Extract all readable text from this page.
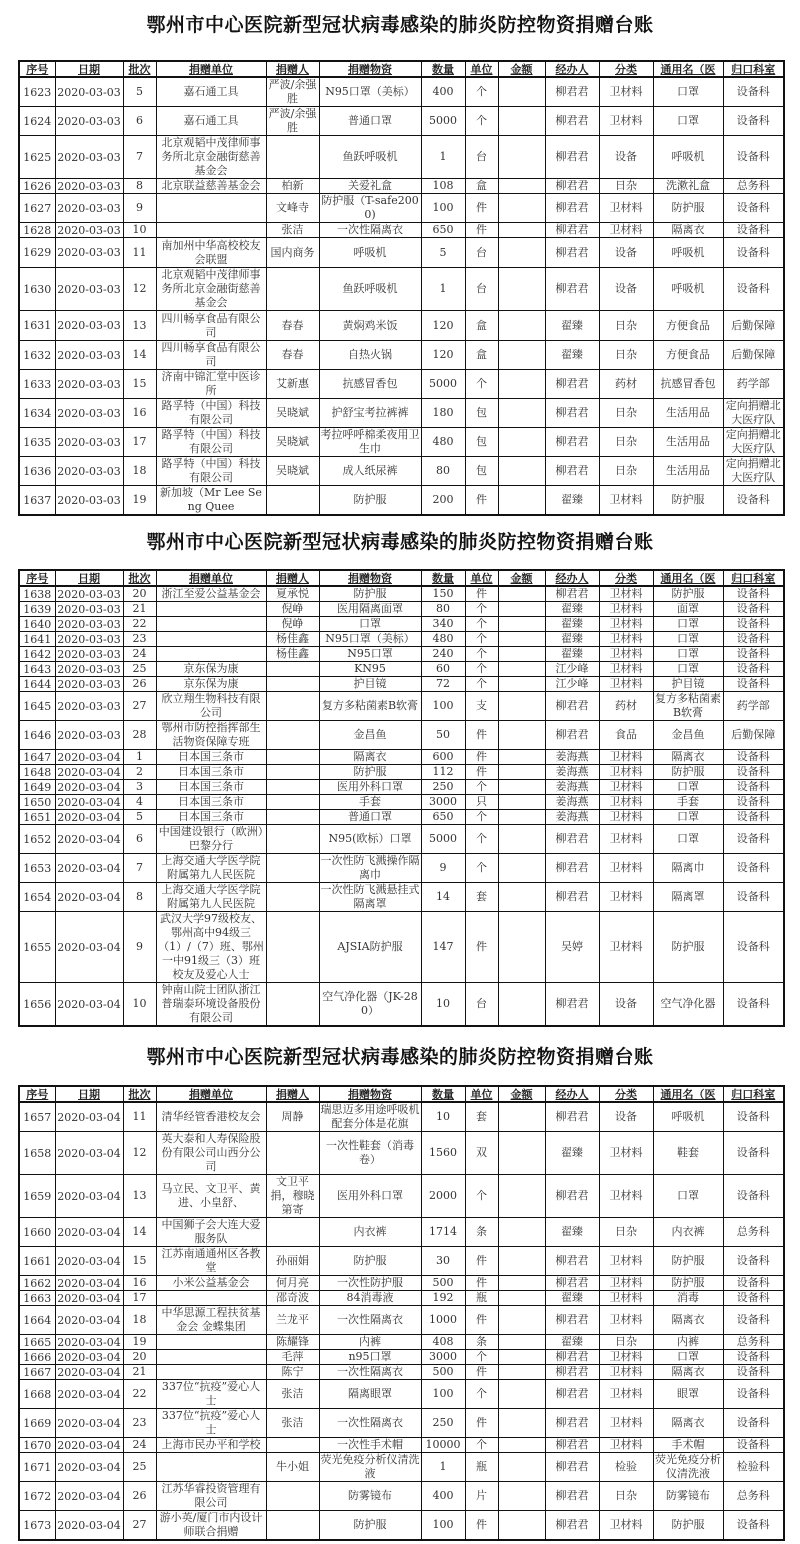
鄂州市中心医院新型冠状病毒感染的肺炎防控物资捐赠台账
序号	日期	批次	捐赠单位	捐赠人	捐赠物资	数量	单位	金额	经办人	分类	通用名（医	归口科室
1623	2020-03-03	5	嘉石通工具	严波/余强胜	N95口罩（美标）	400	个		柳君君	卫材料	口罩	设备科
1624	2020-03-03	6	嘉石通工具	严波/余强胜	普通口罩	5000	个		柳君君	卫材料	口罩	设备科
1625	2020-03-03	7	北京观韬中茂律师事务所北京金融街慈善基金会		鱼跃呼吸机	1	台		柳君君	设备	呼吸机	设备科
1626	2020-03-03	8	北京联益慈善基金会	柏新	关爱礼盒	108	盒		柳君君	日杂	洗漱礼盒	总务科
1627	2020-03-03	9		文峰寺	防护服（T-safe2000)	100	件		柳君君	卫材料	防护服	设备科
1628	2020-03-03	10		张洁	一次性隔离衣	650	件		柳君君	卫材料	隔离衣	设备科
1629	2020-03-03	11	南加州中华高校校友会联盟	国内商务	呼吸机	5	台		柳君君	设备	呼吸机	设备科
1630	2020-03-03	12	北京观韬中茂律师事务所北京金融街慈善基金会		鱼跃呼吸机	1	台		柳君君	设备	呼吸机	设备科
1631	2020-03-03	13	四川畅享食品有限公司	春春	黄焖鸡米饭	120	盒		翟臻	日杂	方便食品	后勤保障
1632	2020-03-03	14	四川畅享食品有限公司	春春	自热火锅	120	盒		翟臻	日杂	方便食品	后勤保障
1633	2020-03-03	15	济南中锦汇堂中医诊所	艾新惠	抗感冒香包	5000	个		柳君君	药材	抗感冒香包	药学部
1634	2020-03-03	16	路孚特（中国）科技有限公司	吴晓斌	护舒宝考拉裤裤	180	包		柳君君	日杂	生活用品	定向捐赠北大医疗队
1635	2020-03-03	17	路孚特（中国）科技有限公司	吴晓斌	考拉呼呼棉柔夜用卫生巾	480	包		柳君君	日杂	生活用品	定向捐赠北大医疗队
1636	2020-03-03	18	路孚特（中国）科技有限公司	吴晓斌	成人纸尿裤	80	包		柳君君	日杂	生活用品	定向捐赠北大医疗队
1637	2020-03-03	19	新加坡（Mr Lee Seng Quee		防护服	200	件		翟臻	卫材料	防护服	设备科
鄂州市中心医院新型冠状病毒感染的肺炎防控物资捐赠台账
序号	日期	批次	捐赠单位	捐赠人	捐赠物资	数量	单位	金额	经办人	分类	通用名（医	归口科室
1638	2020-03-03	20	浙江至爱公益基金会	夏承悦	防护服	150	件		柳君君	卫材料	防护服	设备科
1639	2020-03-03	21		倪峥	医用隔离面罩	80	个		翟臻	卫材料	面罩	设备科
1640	2020-03-03	22		倪峥	口罩	340	个		翟臻	卫材料	口罩	设备科
1641	2020-03-03	23		杨佳鑫	N95口罩（美标）	480	个		翟臻	卫材料	口罩	设备科
1642	2020-03-03	24		杨佳鑫	N95口罩	240	个		翟臻	卫材料	口罩	设备科
1643	2020-03-03	25	京东保为康		KN95	60	个		江少峰	卫材料	口罩	设备科
1644	2020-03-03	26	京东保为康		护目镜	72	个		江少峰	卫材料	护目镜	设备科
1645	2020-03-03	27	欣立翔生物科技有限公司		复方多粘菌素B软膏	100	支		柳君君	药材	复方多粘菌素B软膏	药学部
1646	2020-03-03	28	鄂州市防控指挥部生活物资保障专班		金昌鱼	50	件		柳君君	食品	金昌鱼	后勤保障
1647	2020-03-04	1	日本国三条市		隔离衣	600	件		姜海燕	卫材料	隔离衣	设备科
1648	2020-03-04	2	日本国三条市		防护服	112	件		姜海燕	卫材料	防护服	设备科
1649	2020-03-04	3	日本国三条市		医用外科口罩	250	个		姜海燕	卫材料	口罩	设备科
1650	2020-03-04	4	日本国三条市		手套	3000	只		姜海燕	卫材料	手套	设备科
1651	2020-03-04	5	日本国三条市		普通口罩	650	个		姜海燕	卫材料	口罩	设备科
1652	2020-03-04	6	中国建设银行（欧洲）巴黎分行		N95(欧标）口罩	5000	个		柳君君	卫材料	口罩	设备科
1653	2020-03-04	7	上海交通大学医学院附属第九人民医院		一次性防飞溅操作隔离巾	9	个		柳君君	卫材料	隔离巾	设备科
1654	2020-03-04	8	上海交通大学医学院附属第九人民医院		一次性防飞溅悬挂式隔离罩	14	套		柳君君	卫材料	隔离罩	设备科
1655	2020-03-04	9	武汉大学97级校友、鄂州高中94级三（1）/（7）班、鄂州一中91级三（3）班校友及爱心人士		AJSIA防护服	147	件		吴婷	卫材料	防护服	设备科
1656	2020-03-04	10	钟南山院士团队浙江普瑞泰环境设备股份有限公司		空气净化器（JK-280）	10	台		柳君君	设备	空气净化器	设备科
鄂州市中心医院新型冠状病毒感染的肺炎防控物资捐赠台账
序号	日期	批次	捐赠单位	捐赠人	捐赠物资	数量	单位	金额	经办人	分类	通用名（医	归口科室
1657	2020-03-04	11	清华经管香港校友会	周静	瑞思迈多用途呼吸机配套分体是花旗	10	套		柳君君	设备	呼吸机	设备科
1658	2020-03-04	12	英大泰和人寿保险股份有限公司山西分公司		一次性鞋套（消毒卷）	1560	双		翟臻	卫材料	鞋套	设备科
1659	2020-03-04	13	马立民、文卫平、黄进、小皇舒、	文卫平捐，穆晓第寄	医用外科口罩	2000	个		柳君君	卫材料	口罩	设备科
1660	2020-03-04	14	中国狮子会大连大爱服务队		内衣裤	1714	条		翟臻	日杂	内衣裤	总务科
1661	2020-03-04	15	江苏南通通州区各教堂	孙丽娟	防护服	30	件		柳君君	卫材料	防护服	设备科
1662	2020-03-04	16	小米公益基金会	何月亮	一次性防护服	500	件		柳君君	卫材料	防护服	设备科
1663	2020-03-04	17		邵奇波	84消毒液	192	瓶		翟臻	卫材料	消毒	设备科
1664	2020-03-04	18	中华思源工程扶贫基金会 金蝶集团	兰龙平	一次性隔离衣	1000	件		柳君君	卫材料	隔离衣	设备科
1665	2020-03-04	19		陈耀锋	内裤	408	条		翟臻	日杂	内裤	总务科
1666	2020-03-04	20		毛萍	n95口罩	3000	个		柳君君	卫材料	口罩	设备科
1667	2020-03-04	21		陈宁	一次性隔离衣	500	件		柳君君	卫材料	隔离衣	设备科
1668	2020-03-04	22	337位“抗疫”爱心人士	张洁	隔离眼罩	100	个		柳君君	卫材料	眼罩	设备科
1669	2020-03-04	23	337位“抗疫”爱心人士	张洁	一次性隔离衣	250	件		柳君君	卫材料	隔离衣	设备科
1670	2020-03-04	24	上海市民办平和学校		一次性手术帽	10000	个		柳君君	卫材料	手术帽	设备科
1671	2020-03-04	25		牛小姐	荧光免疫分析仪清洗液	1	瓶		柳君君	检验	荧光免疫分析仪清洗液	检验科
1672	2020-03-04	26	江苏华睿投资管理有限公司		防雾镜布	400	片		柳君君	日杂	防雾镜布	总务科
1673	2020-03-04	27	游小英/厦门市内设计师联合捐赠		防护服	100	件		柳君君	卫材料	防护服	设备科
